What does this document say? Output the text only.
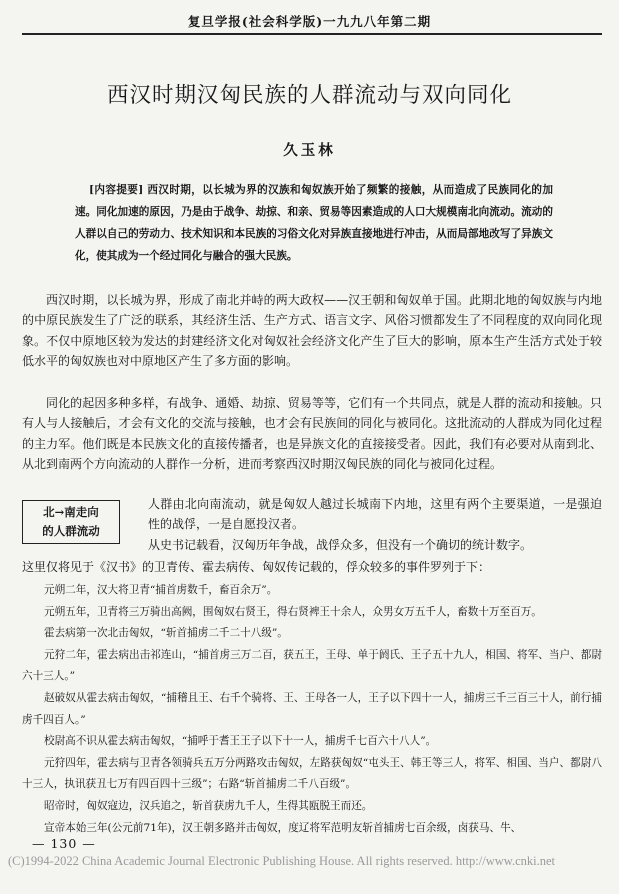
复旦学报(社会科学版)一九九八年第二期
西汉时期汉匈民族的人群流动与双向同化
久玉林
[内容提要] 西汉时期，以长城为界的汉族和匈奴族开始了频繁的接触，从而造成了民族同化的加速。同化加速的原因，乃是由于战争、劫掠、和亲、贸易等因素造成的人口大规模南北向流动。流动的人群以自己的劳动力、技术知识和本民族的习俗文化对异族直接地进行冲击，从而局部地改写了异族文化，使其成为一个经过同化与融合的强大民族。

西汉时期，以长城为界，形成了南北并峙的两大政权——汉王朝和匈奴单于国。此期北地的匈奴族与内地的中原民族发生了广泛的联系，其经济生活、生产方式、语言文字、风俗习惯都发生了不同程度的双向同化现象。不仅中原地区较为发达的封建经济文化对匈奴社会经济文化产生了巨大的影响，原本生产生活方式处于较低水平的匈奴族也对中原地区产生了多方面的影响。

同化的起因多种多样，有战争、通婚、劫掠、贸易等等，它们有一个共同点，就是人群的流动和接触。只有人与人接触后，才会有文化的交流与接触，也才会有民族间的同化与被同化。这批流动的人群成为同化过程的主力军。他们既是本民族文化的直接传播者，也是异族文化的直接接受者。因此，我们有必要对从南到北、从北到南两个方向流动的人群作一分析，进而考察西汉时期汉匈民族的同化与被同化过程。

北→南走向
的人群流动

人群由北向南流动，就是匈奴人越过长城南下内地，这里有两个主要渠道，一是强迫性的战俘，一是自愿投汉者。

从史书记载看，汉匈历年争战，战俘众多，但没有一个确切的统计数字。

这里仅将见于《汉书》的卫青传、霍去病传、匈奴传记载的，俘众较多的事件罗列于下：

元朔二年，汉大将卫青“捕首虏数千，畜百余万”。

元朔五年，卫青将三万骑出高阙，围匈奴右贤王，得右贤裨王十余人，众男女万五千人，畜数十万至百万。

霍去病第一次北击匈奴，“斩首捕虏二千二十八级”。

元狩二年，霍去病出击祁连山，“捕首虏三万二百，获五王，王母、单于阏氏、王子五十九人，相国、将军、当户、都尉六十三人。”

赵破奴从霍去病击匈奴，“捕稽且王、右千个骑将、王、王母各一人，王子以下四十一人，捕虏三千三百三十人，前行捕虏千四百人。”

校尉高不识从霍去病击匈奴，“捕呼于耆王王子以下十一人，捕虏千七百六十八人”。

元狩四年，霍去病与卫青各领骑兵五万分两路攻击匈奴，左路获匈奴“屯头王、韩王等三人，将军、相国、当户、都尉八十三人，执讯获丑七万有四百四十三级”；右路“斩首捕虏二千八百级”。

昭帝时，匈奴寇边，汉兵追之，斩首获虏九千人，生得其瓯脱王而还。

宣帝本始三年(公元前71年)，汉王朝多路并击匈奴，度辽将军范明友斩首捕虏七百余级，卤获马、牛、

— 130 —
(C)1994-2022 China Academic Journal Electronic Publishing House. All rights reserved. http://www.cnki.net
